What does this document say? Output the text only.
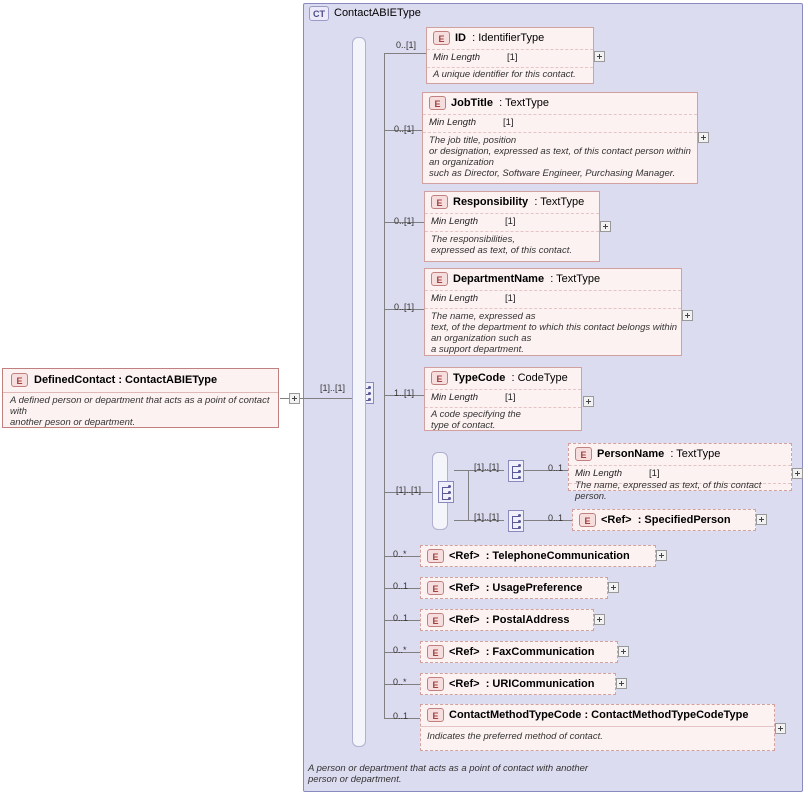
CT ContactABIEType
A person or department that acts as a point of contact with another
person or department.
E	DefinedContact : ContactABIEType
A defined person or department that acts as a point of contact with
another peson or department.
[1]..[1]
0..[1]
E ID : IdentifierType
Min Length	[1]
A unique identifier for this contact.
0..[1]
E JobTitle : TextType
Min Length	[1]
The job title, position
or designation, expressed as text, of this contact person within an organization
such as Director, Software Engineer, Purchasing Manager.
0..[1]
E Responsibility : TextType
Min Length	[1]
The responsibilities,
expressed as text, of this contact.
0..[1]
E DepartmentName : TextType
Min Length	[1]
The name, expressed as
text, of the department to which this contact belongs within an organization such as
a support department.
1..[1]
E TypeCode : CodeType
Min Length	[1]
A code specifying the
type of contact.
[1]..[1]
[1]..[1]	0..1
E PersonName : TextType
Min Length	[1]
The name, expressed as text, of this contact person.
[1]..[1]	0..1	E <Ref> : SpecifiedPerson
0..*	E <Ref> : TelephoneCommunication
0..1	E <Ref> : UsagePreference
0..1	E <Ref> : PostalAddress
0..*	E <Ref> : FaxCommunication
0..*	E <Ref> : URICommunication
0..1	E ContactMethodTypeCode : ContactMethodTypeCodeType
Indicates the preferred method of contact.
